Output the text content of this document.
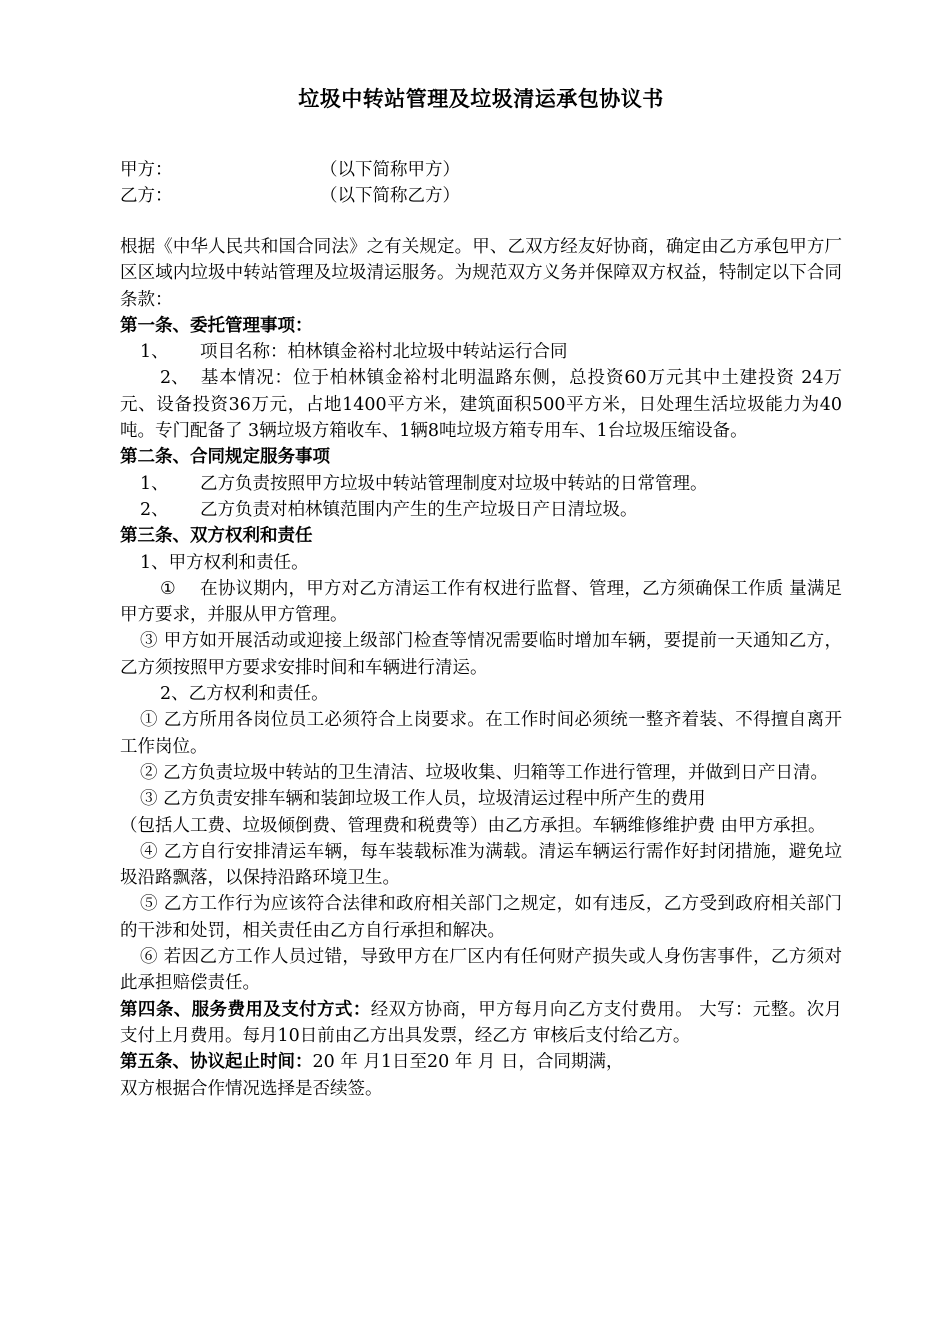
垃圾中转站管理及垃圾清运承包协议书
甲方：	（以下简称甲方）
乙方：	（以下简称乙方）

根据《中华人民共和国合同法》之有关规定。甲、乙双方经友好协商，确定由乙方承包甲方厂区区域内垃圾中转站管理及垃圾清运服务。为规范双方义务并保障双方权益，特制定以下合同条款：

第一条、委托管理事项：

1、 项目名称：柏林镇金裕村北垃圾中转站运行合同

2、 基本情况：位于柏林镇金裕村北明温路东侧，总投资60万元其中土建投资 24万元、设备投资36万元，占地1400平方米，建筑面积500平方米，日处理生活垃圾能力为40吨。专门配备了 3辆垃圾方箱收车、1辆8吨垃圾方箱专用车、1台垃圾压缩设备。

第二条、合同规定服务事项

1、 乙方负责按照甲方垃圾中转站管理制度对垃圾中转站的日常管理。

2、 乙方负责对柏林镇范围内产生的生产垃圾日产日清垃圾。

第三条、双方权利和责任

1、甲方权利和责任。

① 在协议期内，甲方对乙方清运工作有权进行监督、管理，乙方须确保工作质 量满足甲方要求，并服从甲方管理。

③ 甲方如开展活动或迎接上级部门检查等情况需要临时增加车辆，要提前一天通知乙方，乙方须按照甲方要求安排时间和车辆进行清运。

2、乙方权利和责任。

① 乙方所用各岗位员工必须符合上岗要求。在工作时间必须统一整齐着装、不得擅自离开工作岗位。

② 乙方负责垃圾中转站的卫生清洁、垃圾收集、归箱等工作进行管理，并做到日产日清。

③ 乙方负责安排车辆和装卸垃圾工作人员，垃圾清运过程中所产生的费用

（包括人工费、垃圾倾倒费、管理费和税费等）由乙方承担。车辆维修维护费 由甲方承担。

④ 乙方自行安排清运车辆，每车装载标准为满载。清运车辆运行需作好封闭措施，避免垃圾沿路飘落，以保持沿路环境卫生。

⑤ 乙方工作行为应该符合法律和政府相关部门之规定，如有违反，乙方受到政府相关部门的干涉和处罚，相关责任由乙方自行承担和解决。

⑥ 若因乙方工作人员过错，导致甲方在厂区内有任何财产损失或人身伤害事件，乙方须对此承担赔偿责任。

第四条、服务费用及支付方式：经双方协商，甲方每月向乙方支付费用。 大写：元整。次月支付上月费用。每月10日前由乙方出具发票，经乙方 审核后支付给乙方。

第五条、协议起止时间：20 年 月1日至20 年 月 日，合同期满，

双方根据合作情况选择是否续签。
